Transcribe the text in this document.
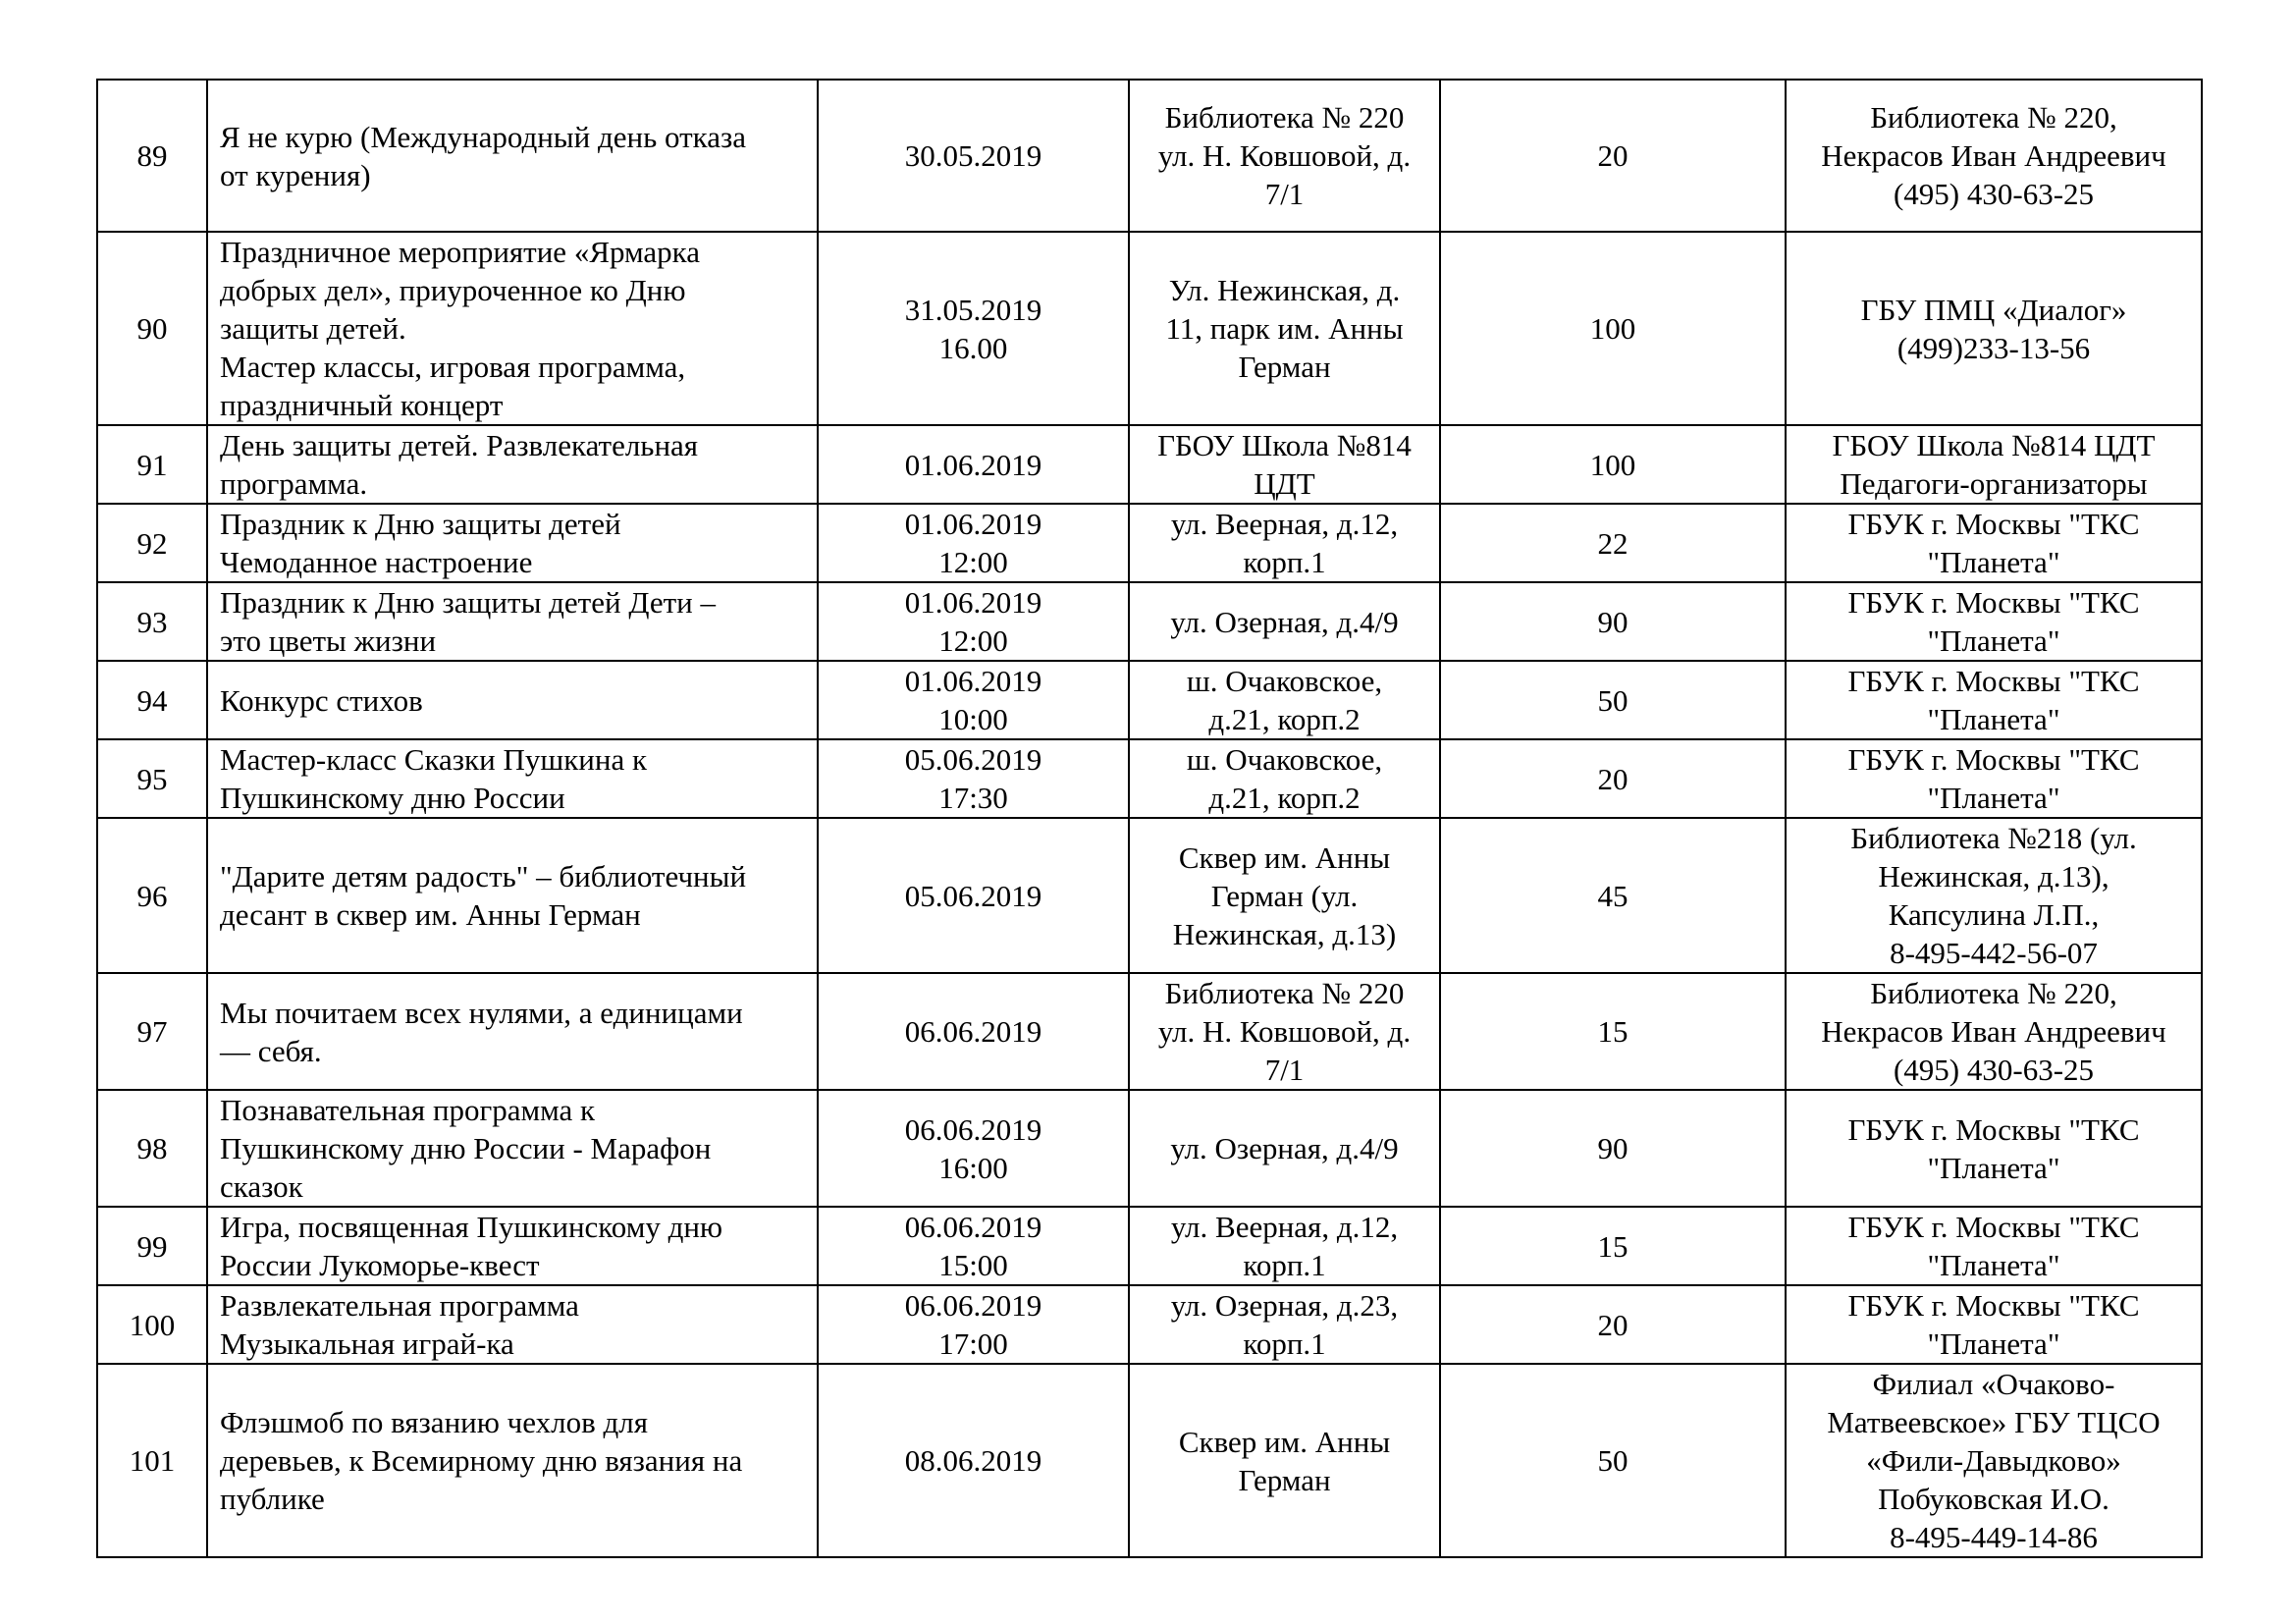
89	Я не курю (Международный день отказа
от курения)	30.05.2019	Библиотека № 220
ул. Н. Ковшовой, д.
7/1	20	Библиотека № 220,
Некрасов Иван Андреевич
(495) 430-63-25
90	Праздничное мероприятие «Ярмарка
добрых дел», приуроченное ко Дню
защиты детей.
Мастер классы, игровая программа,
праздничный концерт	31.05.2019
16.00	Ул. Нежинская, д.
11, парк им. Анны
Герман	100	ГБУ ПМЦ «Диалог»
(499)233-13-56
91	День защиты детей. Развлекательная
программа.	01.06.2019	ГБОУ Школа №814
ЦДТ	100	ГБОУ Школа №814 ЦДТ
Педагоги-организаторы
92	Праздник к Дню защиты детей
Чемоданное настроение	01.06.2019
12:00	ул. Веерная, д.12,
корп.1	22	ГБУК г. Москвы "ТКС
"Планета"
93	Праздник к Дню защиты детей Дети –
это цветы жизни	01.06.2019
12:00	ул. Озерная, д.4/9	90	ГБУК г. Москвы "ТКС
"Планета"
94	Конкурс стихов	01.06.2019
10:00	ш. Очаковское,
д.21, корп.2	50	ГБУК г. Москвы "ТКС
"Планета"
95	Мастер-класс Сказки Пушкина к
Пушкинскому дню России	05.06.2019
17:30	ш. Очаковское,
д.21, корп.2	20	ГБУК г. Москвы "ТКС
"Планета"
96	"Дарите детям радость" – библиотечный
десант в сквер им. Анны Герман	05.06.2019	Сквер им. Анны
Герман (ул.
Нежинская, д.13)	45	Библиотека №218 (ул.
Нежинская, д.13),
Капсулина Л.П.,
8-495-442-56-07
97	Мы почитаем всех нулями, а единицами
— себя.	06.06.2019	Библиотека № 220
ул. Н. Ковшовой, д.
7/1	15	Библиотека № 220,
Некрасов Иван Андреевич
(495) 430-63-25
98	Познавательная программа к
Пушкинскому дню России - Марафон
сказок	06.06.2019
16:00	ул. Озерная, д.4/9	90	ГБУК г. Москвы "ТКС
"Планета"
99	Игра, посвященная Пушкинскому дню
России Лукоморье-квест	06.06.2019
15:00	ул. Веерная, д.12,
корп.1	15	ГБУК г. Москвы "ТКС
"Планета"
100	Развлекательная программа
Музыкальная играй-ка	06.06.2019
17:00	ул. Озерная, д.23,
корп.1	20	ГБУК г. Москвы "ТКС
"Планета"
101	Флэшмоб по вязанию чехлов для
деревьев, к Всемирному дню вязания на
публике	08.06.2019	Сквер им. Анны
Герман	50	Филиал «Очаково-
Матвеевское» ГБУ ТЦСО
«Фили-Давыдково»
Побуковская И.О.
8-495-449-14-86
